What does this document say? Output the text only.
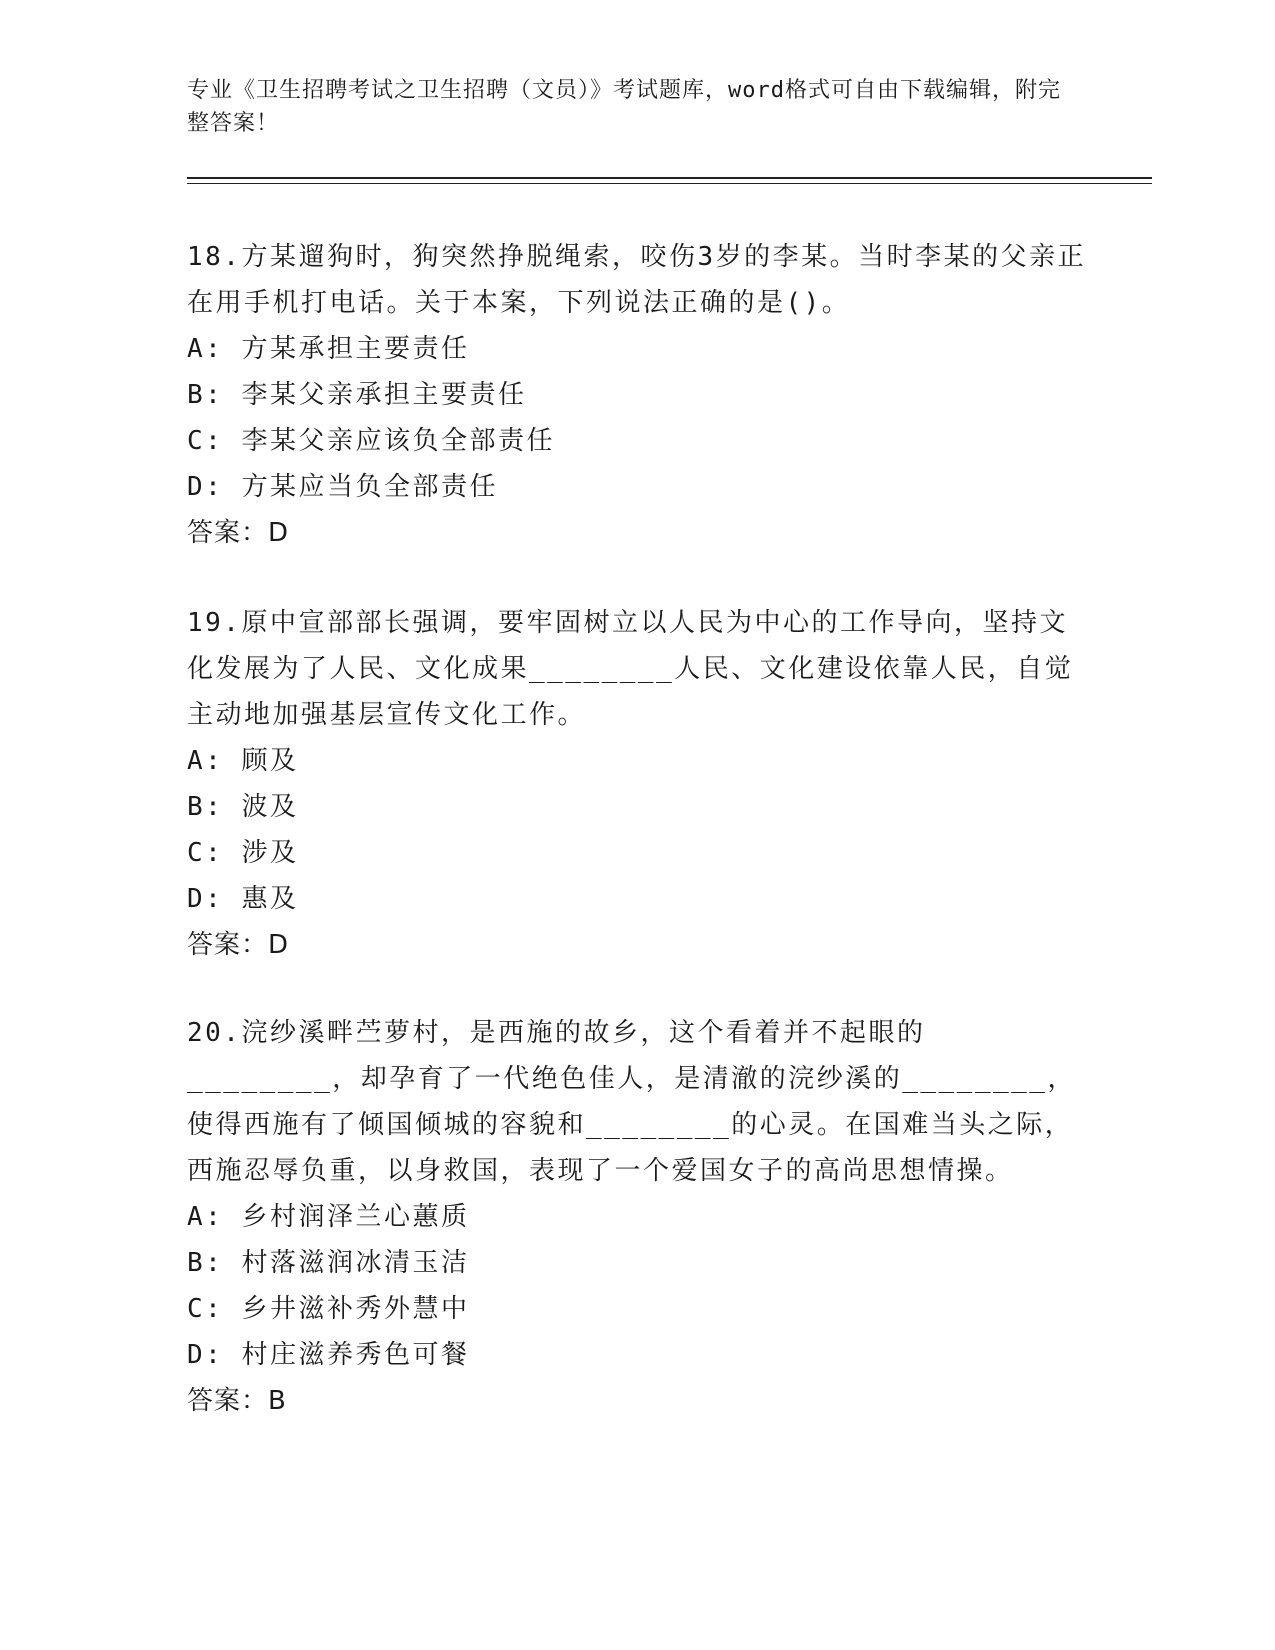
专业《卫生招聘考试之卫生招聘（文员）》考试题库，word格式可自由下载编辑，附完整答案！

18.方某遛狗时，狗突然挣脱绳索，咬伤3岁的李某。当时李某的父亲正在用手机打电话。关于本案，下列说法正确的是()。

A: 方某承担主要责任

B: 李某父亲承担主要责任

C: 李某父亲应该负全部责任

D: 方某应当负全部责任

答案：D

19.原中宣部部长强调，要牢固树立以人民为中心的工作导向，坚持文化发展为了人民、文化成果________人民、文化建设依靠人民，自觉主动地加强基层宣传文化工作。

A: 顾及

B: 波及

C: 涉及

D: 惠及

答案：D

20.浣纱溪畔苎萝村，是西施的故乡，这个看着并不起眼的________，却孕育了一代绝色佳人，是清澈的浣纱溪的________，使得西施有了倾国倾城的容貌和________的心灵。在国难当头之际，西施忍辱负重，以身救国，表现了一个爱国女子的高尚思想情操。

A: 乡村润泽兰心蕙质

B: 村落滋润冰清玉洁

C: 乡井滋补秀外慧中

D: 村庄滋养秀色可餐

答案：B
